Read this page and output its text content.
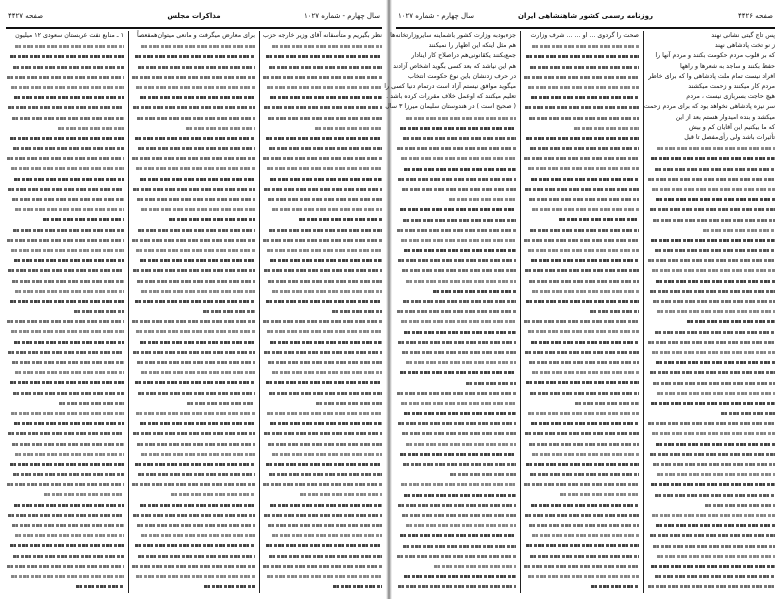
سال چهارم - شماره ۱۰۲۷
مذاکرات مجلس
صفحه ۴۴۲۷
نظر بگیریم و متأسفانه آقای وزیر خارجه حزب
برای معارض میگرفت و مانعی میتوان‌همفعصاً
۱ ـ منابع نفت عربستان سعودی ۱۲ میلیون
صفحه ۴۴۲۶
روزنامه رسمی کشور شاهنشاهی ایران
سال چهارم - شماره ۱۰۲۷
پس تاج گیتی نشانی نهند
ز نو تخت پادشاهی نهند
که بر قلوب مردم حکومت بکنند و مردم آنها را
حفظ بکنند و ساجد به شعرها و راهها
افراد نیست تمام ملت پادشاهی وا که برای خاطر
مردم کار میکنند و زحمت میکشند
هیچ حاجت بسربازی نیست ، مردم
سر نیزه پادشاهی نخواهد بود که برای مردم زحمت
میکشد و بنده امیدوار هستم بعد از این
که ما بیکنیم این آقایان کم و بیش
تأثیرات باشد ولی رأی‌مفصل تا قبل
صحت را گردوی ... او ... ... شرف وزارت
جزءبودبه وزارت کشور باشماینه سایروزارتخانه‌ها
هم مثل اینکه این اظهار را نمیکنند
جمع‌بکنند یکقانونی‌هم دراصلاح کار اینادار
هم این نیاشد که بعد کسی بگوید اشخاص آزادند
در حرف زدنشان باین نوع حکومت انتخاب
میگوید موافق نیستم آزاد است درتمام دنیا کسی را
تعلیم میکنند که اوعمل خلاف مقررات کرده باشد .
( صحیح است ) در هندوستان سلیمان میرزا ۳ سال
